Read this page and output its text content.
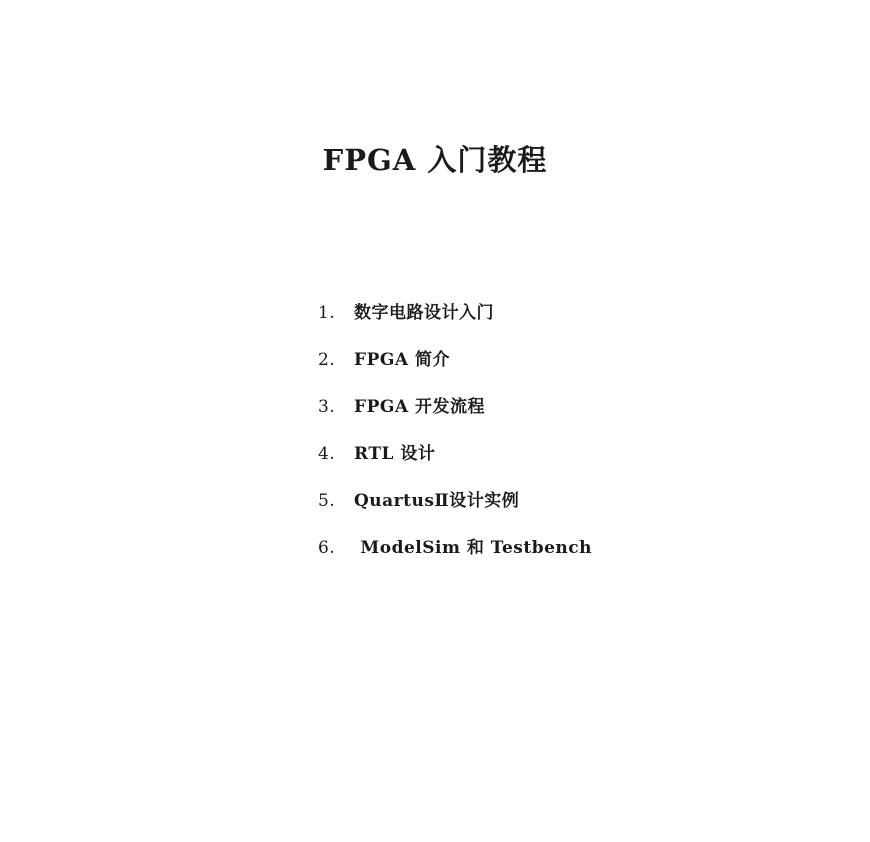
FPGA 入门教程
1. 数字电路设计入门
2. FPGA 简介
3. FPGA 开发流程
4. RTL 设计
5. QuartusⅡ设计实例
6. ModelSim 和 Testbench
